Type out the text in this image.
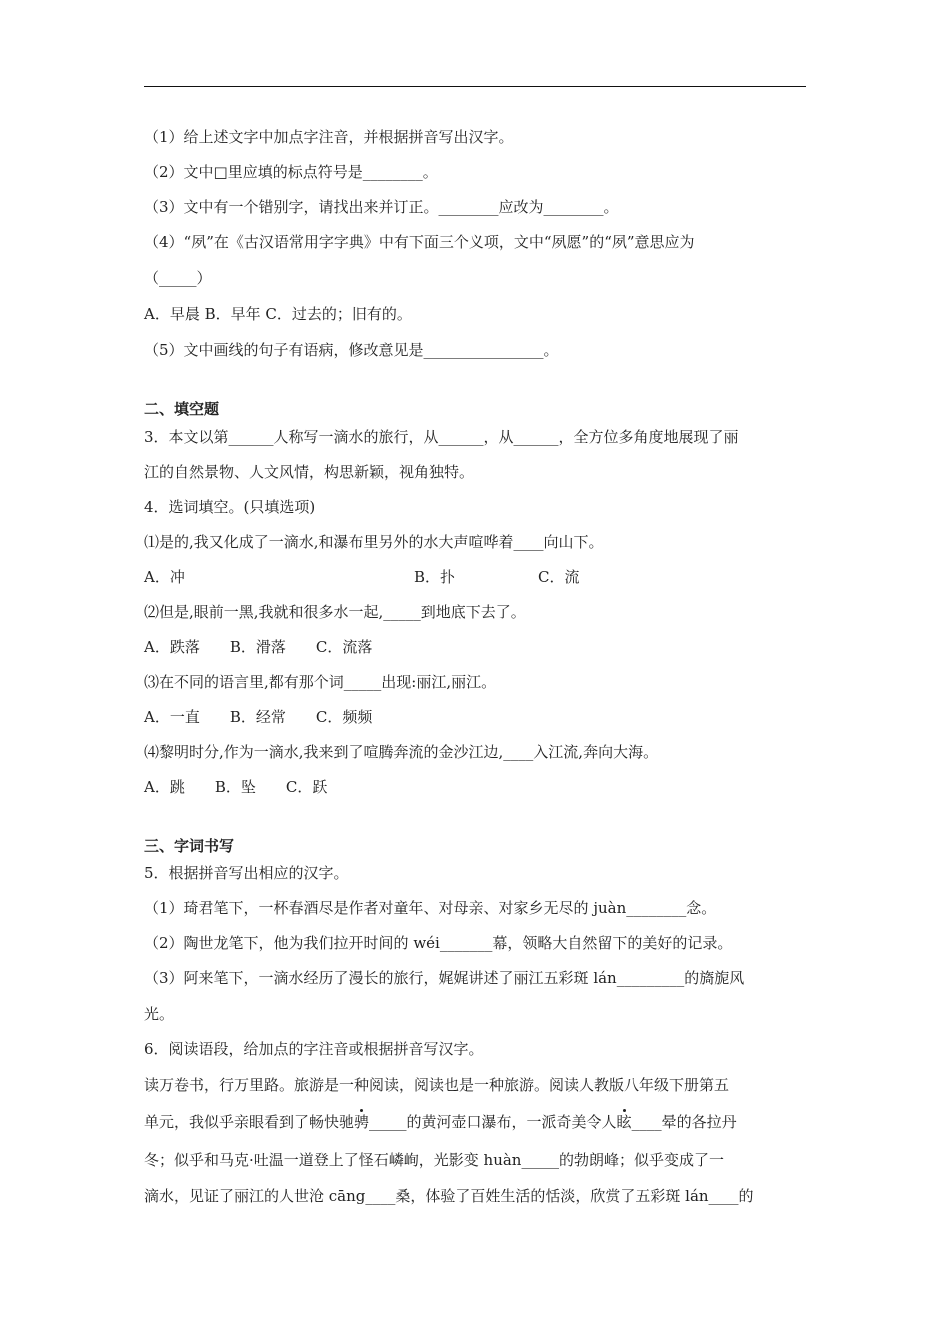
（1）给上述文字中加点字注音，并根据拼音写出汉字。
（2）文中□里应填的标点符号是________。
（3）文中有一个错别字，请找出来并订正。________应改为________。
（4）“夙”在《古汉语常用字字典》中有下面三个义项，文中“夙愿”的“夙”意思应为
（_____）
A．早晨 B．早年 C．过去的；旧有的。
（5）文中画线的句子有语病，修改意见是________________。
二、填空题
3．本文以第______人称写一滴水的旅行，从______，从______，全方位多角度地展现了丽
江的自然景物、人文风情，构思新颖，视角独特。
4．选词填空。(只填选项)
⑴是的,我又化成了一滴水,和瀑布里另外的水大声喧哗着____向山下。
A．冲	B．扑	C．流
⑵但是,眼前一黑,我就和很多水一起,_____到地底下去了。
A．跌落　　B．滑落　　C．流落
⑶在不同的语言里,都有那个词_____出现:丽江,丽江。
A．一直　　B．经常　　C．频频
⑷黎明时分,作为一滴水,我来到了喧腾奔流的金沙江边,____入江流,奔向大海。
A．跳　　B．坠　　C．跃
三、字词书写
5．根据拼音写出相应的汉字。
（1）琦君笔下，一杯春酒尽是作者对童年、对母亲、对家乡无尽的 juàn________念。
（2）陶世龙笔下，他为我们拉开时间的 wéi_______幕，领略大自然留下的美好的记录。
（3）阿来笔下，一滴水经历了漫长的旅行，娓娓讲述了丽江五彩斑 lán_________的旖旎风
光。
6．阅读语段，给加点的字注音或根据拼音写汉字。
读万卷书，行万里路。旅游是一种阅读，阅读也是一种旅游。阅读人教版八年级下册第五
单元，我似乎亲眼看到了畅快驰骋_____的黄河壶口瀑布，一派奇美令人眩____晕的各拉丹
冬；似乎和马克·吐温一道登上了怪石嶙峋，光影变 huàn_____的勃朗峰；似乎变成了一
滴水，见证了丽江的人世沧 cāng____桑，体验了百姓生活的恬淡，欣赏了五彩斑 lán____的
